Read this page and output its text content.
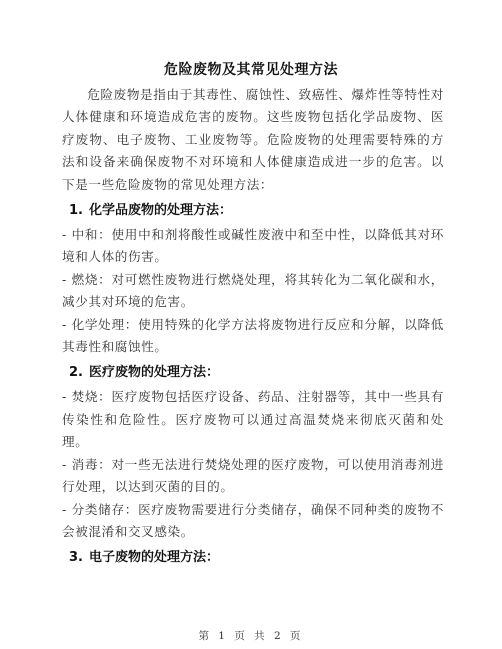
危险废物及其常见处理方法

危险废物是指由于其毒性、腐蚀性、致癌性、爆炸性等特性对人体健康和环境造成危害的废物。这些废物包括化学品废物、医疗废物、电子废物、工业废物等。危险废物的处理需要特殊的方法和设备来确保废物不对环境和人体健康造成进一步的危害。以下是一些危险废物的常见处理方法：

1. 化学品废物的处理方法：

- 中和：使用中和剂将酸性或碱性废液中和至中性，以降低其对环境和人体的伤害。

- 燃烧：对可燃性废物进行燃烧处理，将其转化为二氧化碳和水，减少其对环境的危害。

- 化学处理：使用特殊的化学方法将废物进行反应和分解，以降低其毒性和腐蚀性。

2. 医疗废物的处理方法：

- 焚烧：医疗废物包括医疗设备、药品、注射器等，其中一些具有传染性和危险性。医疗废物可以通过高温焚烧来彻底灭菌和处理。

- 消毒：对一些无法进行焚烧处理的医疗废物，可以使用消毒剂进行处理，以达到灭菌的目的。

- 分类储存：医疗废物需要进行分类储存，确保不同种类的废物不会被混淆和交叉感染。

3. 电子废物的处理方法：
第 1 页 共 2 页
